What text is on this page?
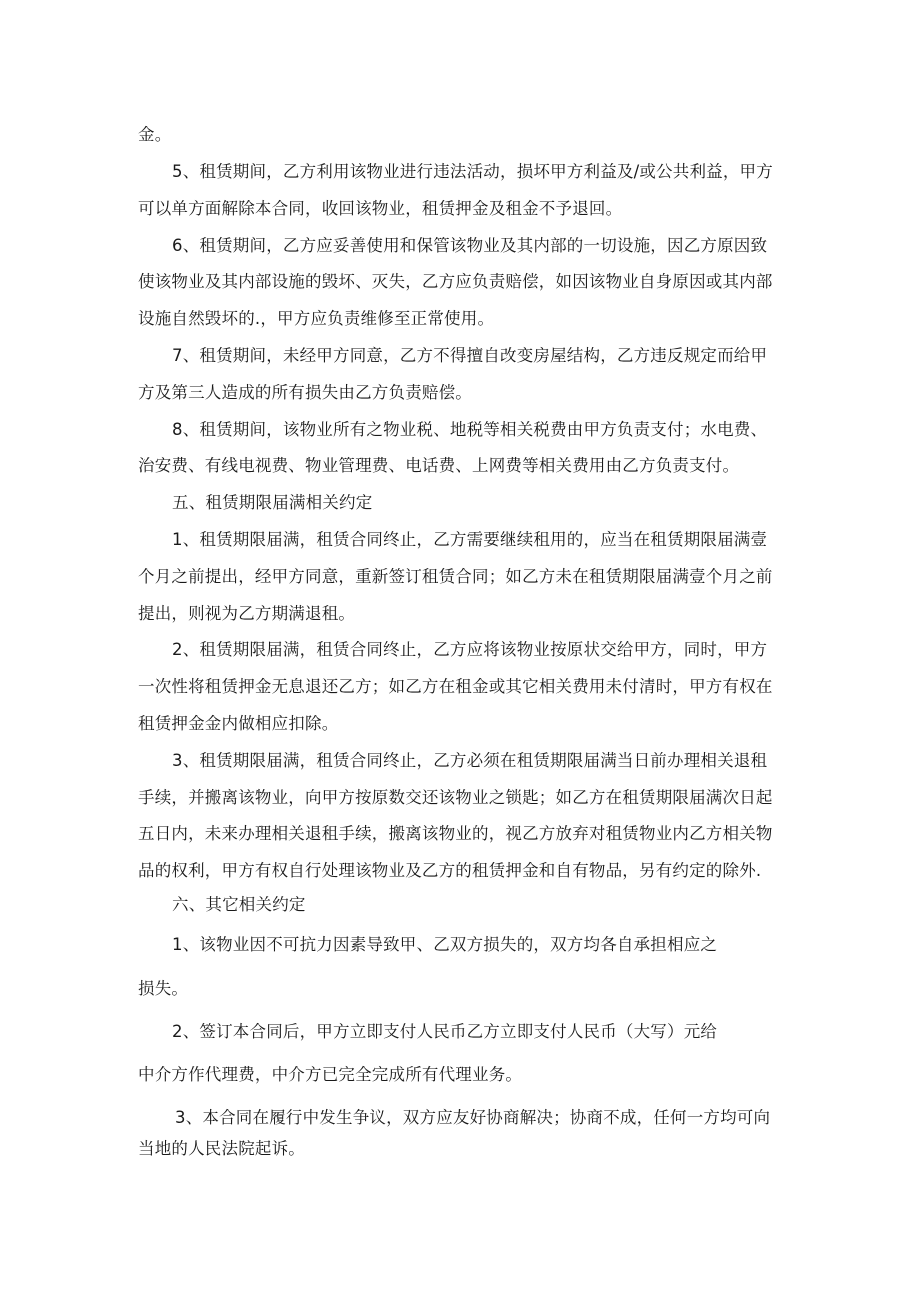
金。
5、租赁期间，乙方利用该物业进行违法活动，损坏甲方利益及/或公共利益，甲方
可以单方面解除本合同，收回该物业，租赁押金及租金不予退回。
6、租赁期间，乙方应妥善使用和保管该物业及其内部的一切设施，因乙方原因致
使该物业及其内部设施的毁坏、灭失，乙方应负责赔偿，如因该物业自身原因或其内部
设施自然毁坏的.，甲方应负责维修至正常使用。
7、租赁期间，未经甲方同意，乙方不得擅自改变房屋结构，乙方违反规定而给甲
方及第三人造成的所有损失由乙方负责赔偿。
8、租赁期间，该物业所有之物业税、地税等相关税费由甲方负责支付；水电费、
治安费、有线电视费、物业管理费、电话费、上网费等相关费用由乙方负责支付。
五、租赁期限届满相关约定
1、租赁期限届满，租赁合同终止，乙方需要继续租用的，应当在租赁期限届满壹
个月之前提出，经甲方同意，重新签订租赁合同；如乙方未在租赁期限届满壹个月之前
提出，则视为乙方期满退租。
2、租赁期限届满，租赁合同终止，乙方应将该物业按原状交给甲方，同时，甲方
一次性将租赁押金无息退还乙方；如乙方在租金或其它相关费用未付清时，甲方有权在
租赁押金金内做相应扣除。
3、租赁期限届满，租赁合同终止，乙方必须在租赁期限届满当日前办理相关退租
手续，并搬离该物业，向甲方按原数交还该物业之锁匙；如乙方在租赁期限届满次日起
五日内，未来办理相关退租手续，搬离该物业的，视乙方放弃对租赁物业内乙方相关物
品的权利，甲方有权自行处理该物业及乙方的租赁押金和自有物品，另有约定的除外.
六、其它相关约定
1、该物业因不可抗力因素导致甲、乙双方损失的，双方均各自承担相应之
损失。
2、签订本合同后，甲方立即支付人民币乙方立即支付人民币（大写）元给
中介方作代理费，中介方已完全完成所有代理业务。
3、本合同在履行中发生争议，双方应友好协商解决；协商不成，任何一方均可向
当地的人民法院起诉。
